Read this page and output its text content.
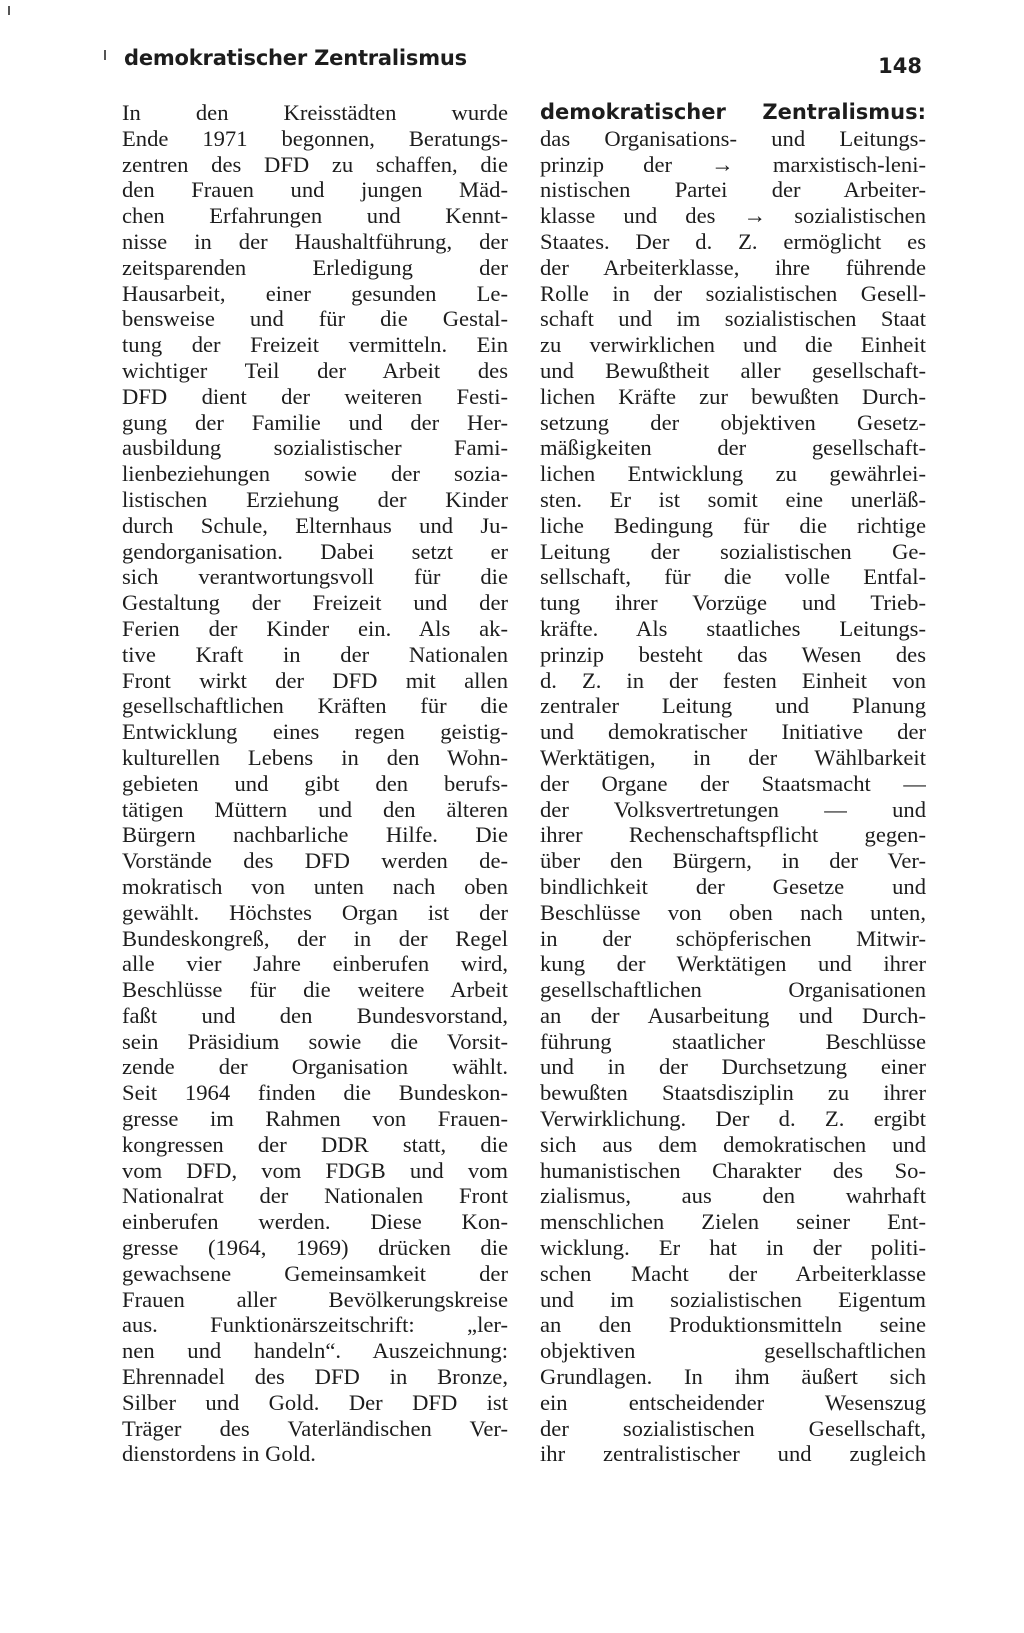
demokratischer Zentralismus	148
In den Kreisstädten wurde
Ende 1971 begonnen, Beratungs-
zentren des DFD zu schaffen, die
den Frauen und jungen Mäd-
chen Erfahrungen und Kennt-
nisse in der Haushaltführung, der
zeitsparenden Erledigung der
Hausarbeit, einer gesunden Le-
bensweise und für die Gestal-
tung der Freizeit vermitteln. Ein
wichtiger Teil der Arbeit des
DFD dient der weiteren Festi-
gung der Familie und der Her-
ausbildung sozialistischer Fami-
lienbeziehungen sowie der sozia-
listischen Erziehung der Kinder
durch Schule, Elternhaus und Ju-
gendorganisation. Dabei setzt er
sich verantwortungsvoll für die
Gestaltung der Freizeit und der
Ferien der Kinder ein. Als ak-
tive Kraft in der Nationalen
Front wirkt der DFD mit allen
gesellschaftlichen Kräften für die
Entwicklung eines regen geistig-
kulturellen Lebens in den Wohn-
gebieten und gibt den berufs-
tätigen Müttern und den älteren
Bürgern nachbarliche Hilfe. Die
Vorstände des DFD werden de-
mokratisch von unten nach oben
gewählt. Höchstes Organ ist der
Bundeskongreß, der in der Regel
alle vier Jahre einberufen wird,
Beschlüsse für die weitere Arbeit
faßt und den Bundesvorstand,
sein Präsidium sowie die Vorsit-
zende der Organisation wählt.
Seit 1964 finden die Bundeskon-
gresse im Rahmen von Frauen-
kongressen der DDR statt, die
vom DFD, vom FDGB und vom
Nationalrat der Nationalen Front
einberufen werden. Diese Kon-
gresse (1964, 1969) drücken die
gewachsene Gemeinsamkeit der
Frauen aller Bevölkerungskreise
aus. Funktionärszeitschrift: „ler-
nen und handeln“. Auszeichnung:
Ehrennadel des DFD in Bronze,
Silber und Gold. Der DFD ist
Träger des Vaterländischen Ver-
dienstordens in Gold.
demokratischer Zentralismus:
das Organisations- und Leitungs-
prinzip der → marxistisch-leni-
nistischen Partei der Arbeiter-
klasse und des → sozialistischen
Staates. Der d. Z. ermöglicht es
der Arbeiterklasse, ihre führende
Rolle in der sozialistischen Gesell-
schaft und im sozialistischen Staat
zu verwirklichen und die Einheit
und Bewußtheit aller gesellschaft-
lichen Kräfte zur bewußten Durch-
setzung der objektiven Gesetz-
mäßigkeiten der gesellschaft-
lichen Entwicklung zu gewährlei-
sten. Er ist somit eine unerläß-
liche Bedingung für die richtige
Leitung der sozialistischen Ge-
sellschaft, für die volle Entfal-
tung ihrer Vorzüge und Trieb-
kräfte. Als staatliches Leitungs-
prinzip besteht das Wesen des
d. Z. in der festen Einheit von
zentraler Leitung und Planung
und demokratischer Initiative der
Werktätigen, in der Wählbarkeit
der Organe der Staatsmacht —
der Volksvertretungen — und
ihrer Rechenschaftspflicht gegen-
über den Bürgern, in der Ver-
bindlichkeit der Gesetze und
Beschlüsse von oben nach unten,
in der schöpferischen Mitwir-
kung der Werktätigen und ihrer
gesellschaftlichen Organisationen
an der Ausarbeitung und Durch-
führung staatlicher Beschlüsse
und in der Durchsetzung einer
bewußten Staatsdisziplin zu ihrer
Verwirklichung. Der d. Z. ergibt
sich aus dem demokratischen und
humanistischen Charakter des So-
zialismus, aus den wahrhaft
menschlichen Zielen seiner Ent-
wicklung. Er hat in der politi-
schen Macht der Arbeiterklasse
und im sozialistischen Eigentum
an den Produktionsmitteln seine
objektiven gesellschaftlichen
Grundlagen. In ihm äußert sich
ein entscheidender Wesenszug
der sozialistischen Gesellschaft,
ihr zentralistischer und zugleich
